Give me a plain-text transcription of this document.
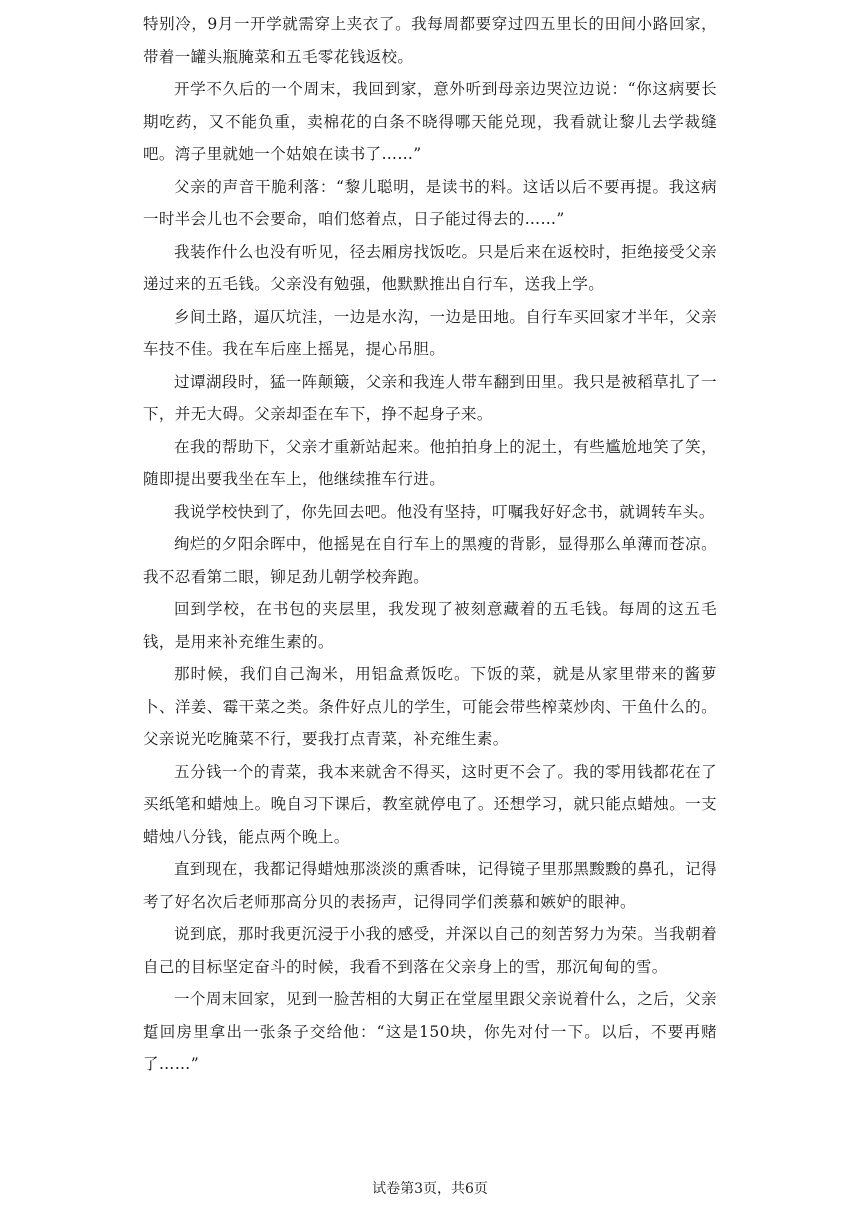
特别冷，9月一开学就需穿上夹衣了。我每周都要穿过四五里长的田间小路回家，带着一罐头瓶腌菜和五毛零花钱返校。

开学不久后的一个周末，我回到家，意外听到母亲边哭泣边说：“你这病要长期吃药，又不能负重，卖棉花的白条不晓得哪天能兑现，我看就让黎儿去学裁缝吧。湾子里就她一个姑娘在读书了……”

父亲的声音干脆利落：“黎儿聪明，是读书的料。这话以后不要再提。我这病一时半会儿也不会要命，咱们悠着点，日子能过得去的……”

我装作什么也没有听见，径去厢房找饭吃。只是后来在返校时，拒绝接受父亲递过来的五毛钱。父亲没有勉强，他默默推出自行车，送我上学。

乡间土路，逼仄坑洼，一边是水沟，一边是田地。自行车买回家才半年，父亲车技不佳。我在车后座上摇晃，提心吊胆。

过谭湖段时，猛一阵颠簸，父亲和我连人带车翻到田里。我只是被稻草扎了一下，并无大碍。父亲却歪在车下，挣不起身子来。

在我的帮助下，父亲才重新站起来。他拍拍身上的泥土，有些尴尬地笑了笑，随即提出要我坐在车上，他继续推车行进。

我说学校快到了，你先回去吧。他没有坚持，叮嘱我好好念书，就调转车头。

绚烂的夕阳余晖中，他摇晃在自行车上的黑瘦的背影，显得那么单薄而苍凉。我不忍看第二眼，铆足劲儿朝学校奔跑。

回到学校，在书包的夹层里，我发现了被刻意藏着的五毛钱。每周的这五毛钱，是用来补充维生素的。

那时候，我们自己淘米，用铝盒煮饭吃。下饭的菜，就是从家里带来的酱萝卜、洋姜、霉干菜之类。条件好点儿的学生，可能会带些榨菜炒肉、干鱼什么的。父亲说光吃腌菜不行，要我打点青菜，补充维生素。

五分钱一个的青菜，我本来就舍不得买，这时更不会了。我的零用钱都花在了买纸笔和蜡烛上。晚自习下课后，教室就停电了。还想学习，就只能点蜡烛。一支蜡烛八分钱，能点两个晚上。

直到现在，我都记得蜡烛那淡淡的熏香味，记得镜子里那黑黢黢的鼻孔，记得考了好名次后老师那高分贝的表扬声，记得同学们羡慕和嫉妒的眼神。

说到底，那时我更沉浸于小我的感受，并深以自己的刻苦努力为荣。当我朝着自己的目标坚定奋斗的时候，我看不到落在父亲身上的雪，那沉甸甸的雪。

一个周末回家，见到一脸苦相的大舅正在堂屋里跟父亲说着什么，之后，父亲踅回房里拿出一张条子交给他：“这是150块，你先对付一下。以后，不要再赌了……”

试卷第3页，共6页
